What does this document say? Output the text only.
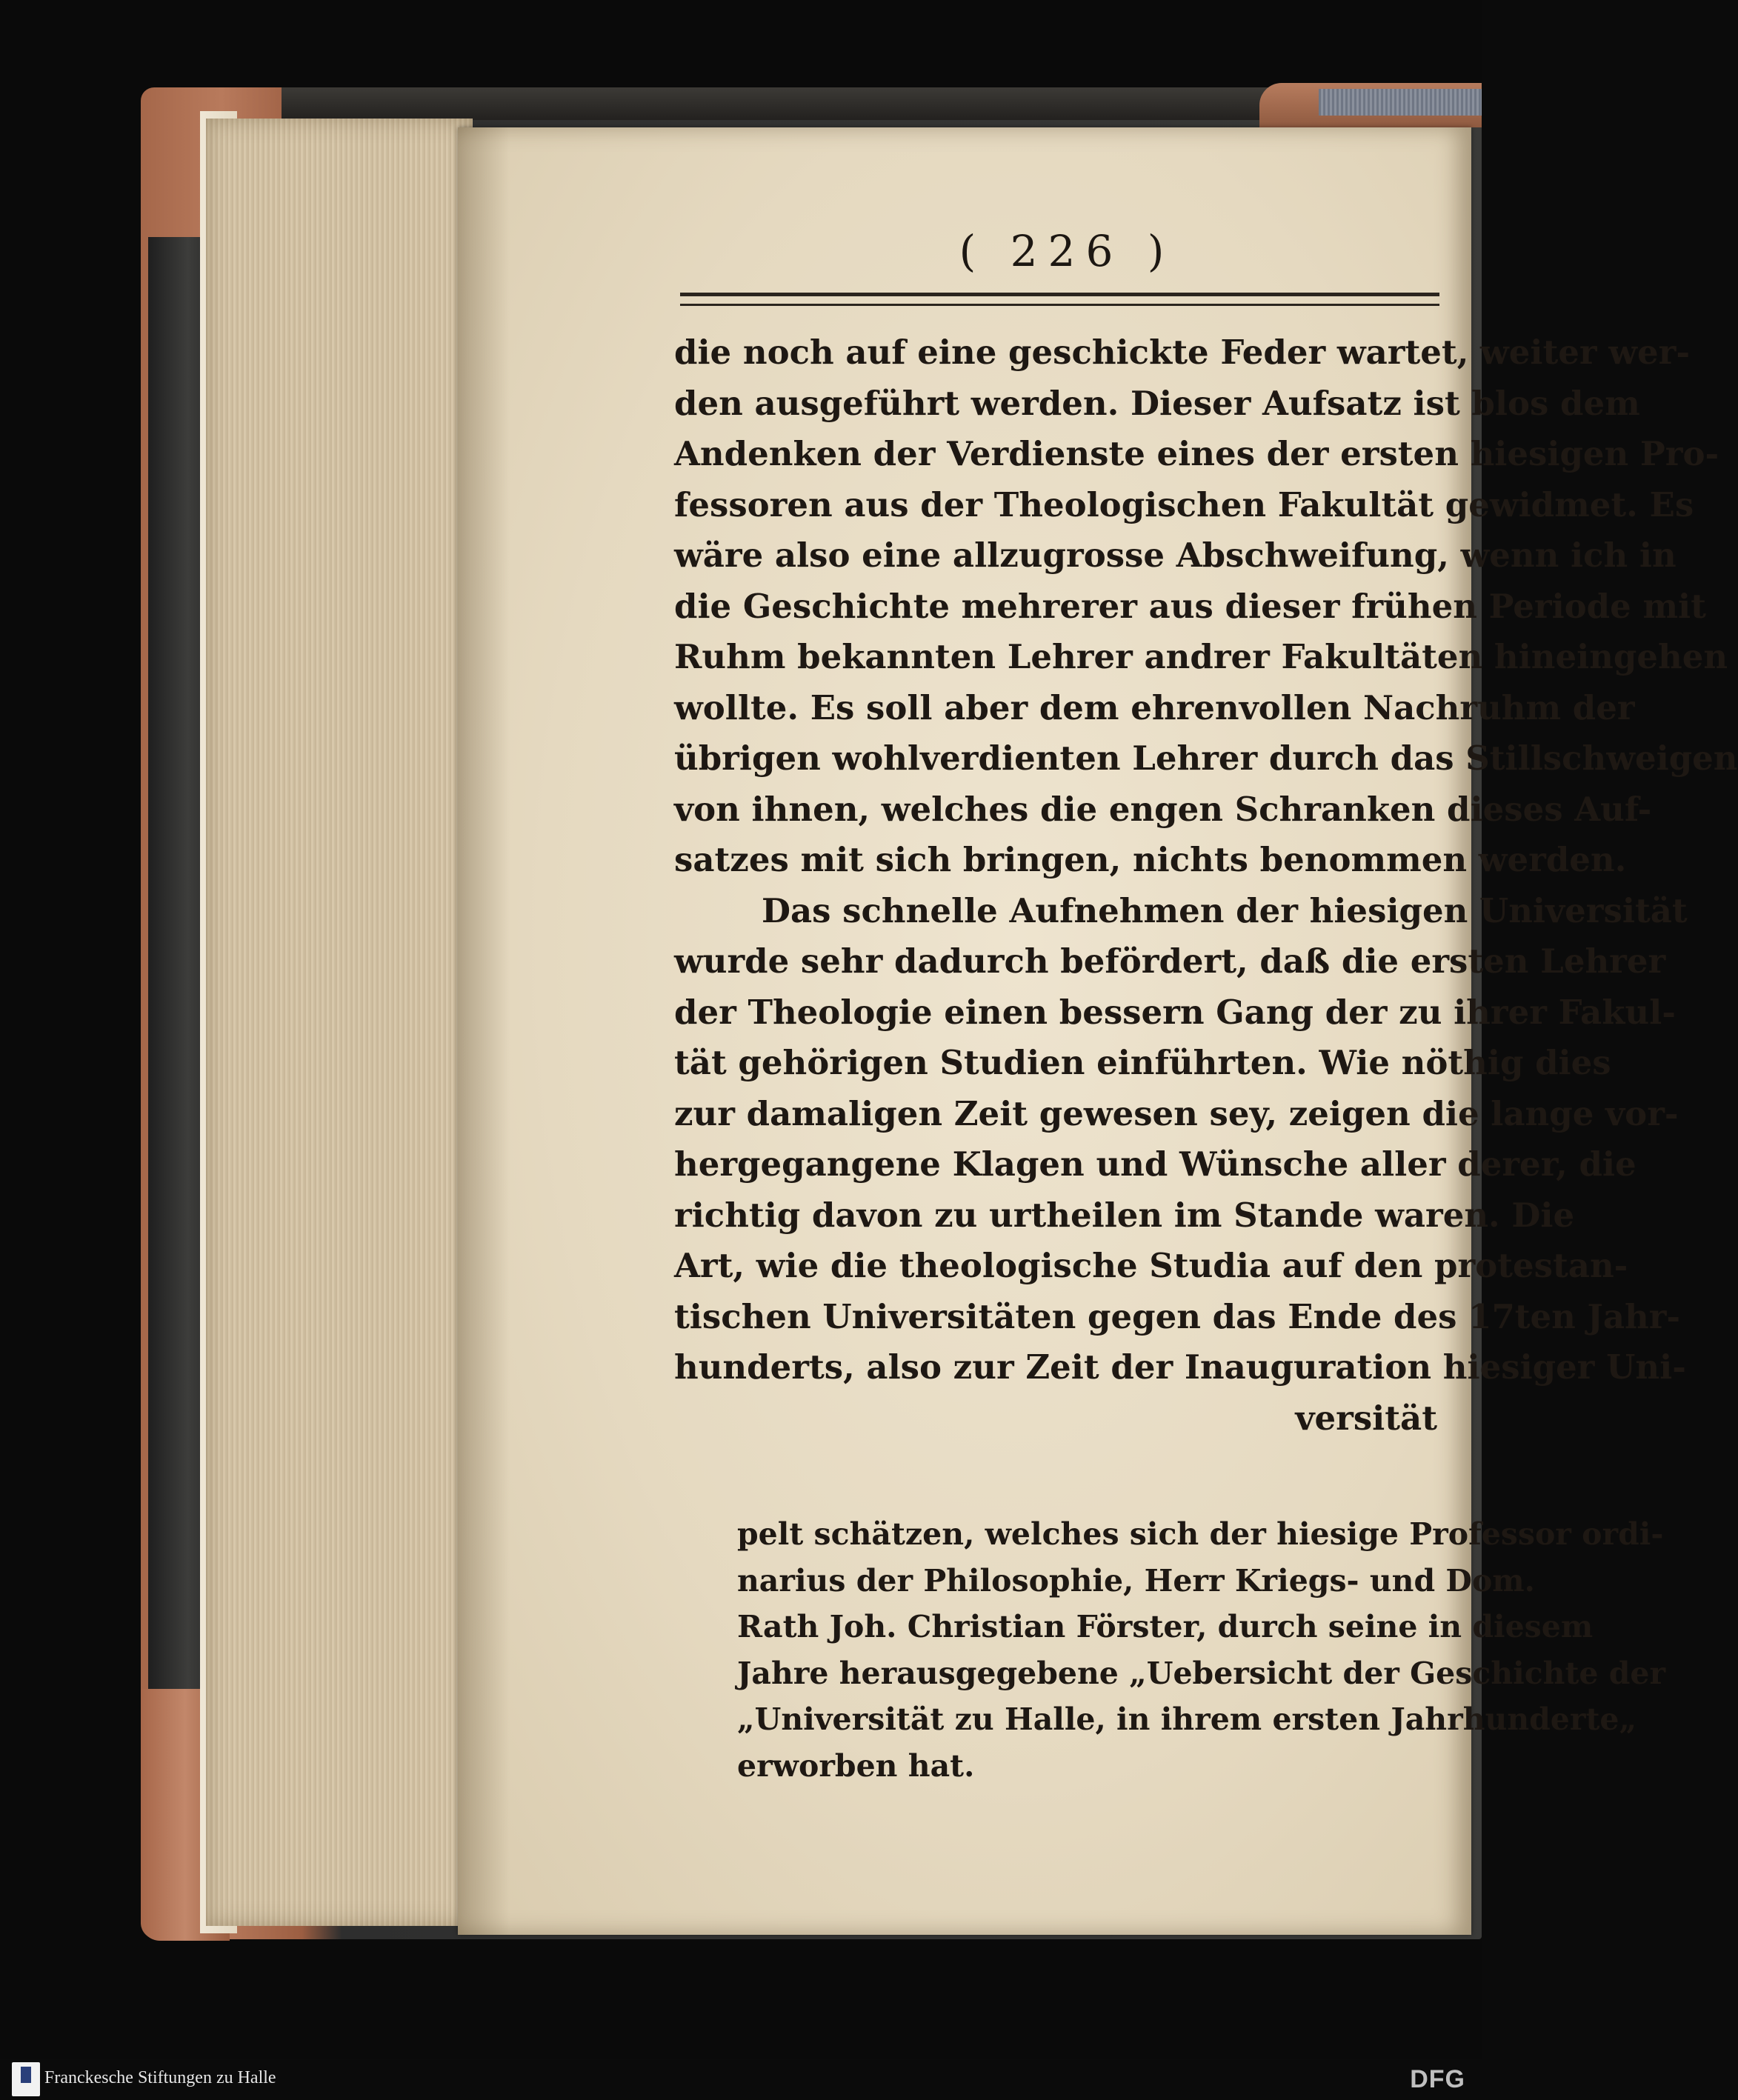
( 226 )
die noch auf eine geschickte Feder wartet, weiter wer-
den ausgeführt werden. Dieser Aufsatz ist blos dem
Andenken der Verdienste eines der ersten hiesigen Pro-
fessoren aus der Theologischen Fakultät gewidmet. Es
wäre also eine allzugrosse Abschweifung, wenn ich in
die Geschichte mehrerer aus dieser frühen Periode mit
Ruhm bekannten Lehrer andrer Fakultäten hineingehen
wollte. Es soll aber dem ehrenvollen Nachruhm der
übrigen wohlverdienten Lehrer durch das Stillschweigen
von ihnen, welches die engen Schranken dieses Auf-
satzes mit sich bringen, nichts benommen werden.
Das schnelle Aufnehmen der hiesigen Universität
wurde sehr dadurch befördert, daß die ersten Lehrer
der Theologie einen bessern Gang der zu ihrer Fakul-
tät gehörigen Studien einführten. Wie nöthig dies
zur damaligen Zeit gewesen sey, zeigen die lange vor-
hergegangene Klagen und Wünsche aller derer, die
richtig davon zu urtheilen im Stande waren. Die
Art, wie die theologische Studia auf den protestan-
tischen Universitäten gegen das Ende des 17ten Jahr-
hunderts, also zur Zeit der Inauguration hiesiger Uni-
versität
pelt schätzen, welches sich der hiesige Professor ordi-
narius der Philosophie, Herr Kriegs- und Dom.
Rath Joh. Christian Förster, durch seine in diesem
Jahre herausgegebene „Uebersicht der Geschichte der
„Universität zu Halle, in ihrem ersten Jahrhunderte„
erworben hat.
Franckesche Stiftungen zu Halle	DFG
